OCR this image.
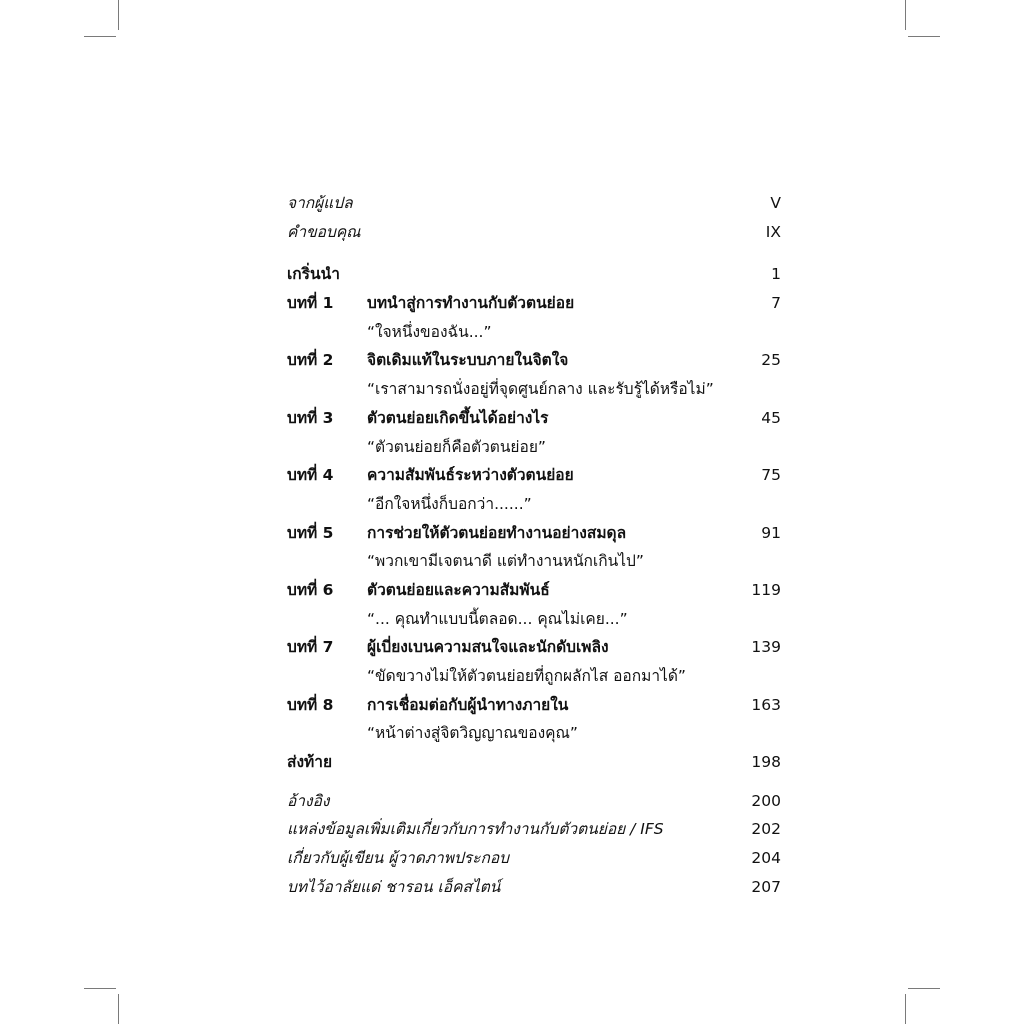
จากผู้แปล	V
คำขอบคุณ	IX
เกริ่นนำ	1
บทที่ 1 บทนำสู่การทำงานกับตัวตนย่อย	7
“ใจหนึ่งของฉัน...”
บทที่ 2 จิตเดิมแท้ในระบบภายในจิตใจ	25
“เราสามารถนั่งอยู่ที่จุดศูนย์กลาง และรับรู้ได้หรือไม่”
บทที่ 3 ตัวตนย่อยเกิดขึ้นได้อย่างไร	45
“ตัวตนย่อยก็คือตัวตนย่อย”
บทที่ 4 ความสัมพันธ์ระหว่างตัวตนย่อย	75
“อีกใจหนึ่งก็บอกว่า......”
บทที่ 5 การช่วยให้ตัวตนย่อยทำงานอย่างสมดุล	91
“พวกเขามีเจตนาดี แต่ทำงานหนักเกินไป”
บทที่ 6 ตัวตนย่อยและความสัมพันธ์	119
“... คุณทำแบบนี้ตลอด... คุณไม่เคย...”
บทที่ 7 ผู้เบี่ยงเบนความสนใจและนักดับเพลิง	139
“ขัดขวางไม่ให้ตัวตนย่อยที่ถูกผลักไส ออกมาได้”
บทที่ 8 การเชื่อมต่อกับผู้นำทางภายใน	163
“หน้าต่างสู่จิตวิญญาณของคุณ”
ส่งท้าย	198
อ้างอิง	200
แหล่งข้อมูลเพิ่มเติมเกี่ยวกับการทำงานกับตัวตนย่อย / IFS	202
เกี่ยวกับผู้เขียน ผู้วาดภาพประกอบ	204
บทไว้อาลัยแด่ ชารอน เอ็คสไตน์	207
